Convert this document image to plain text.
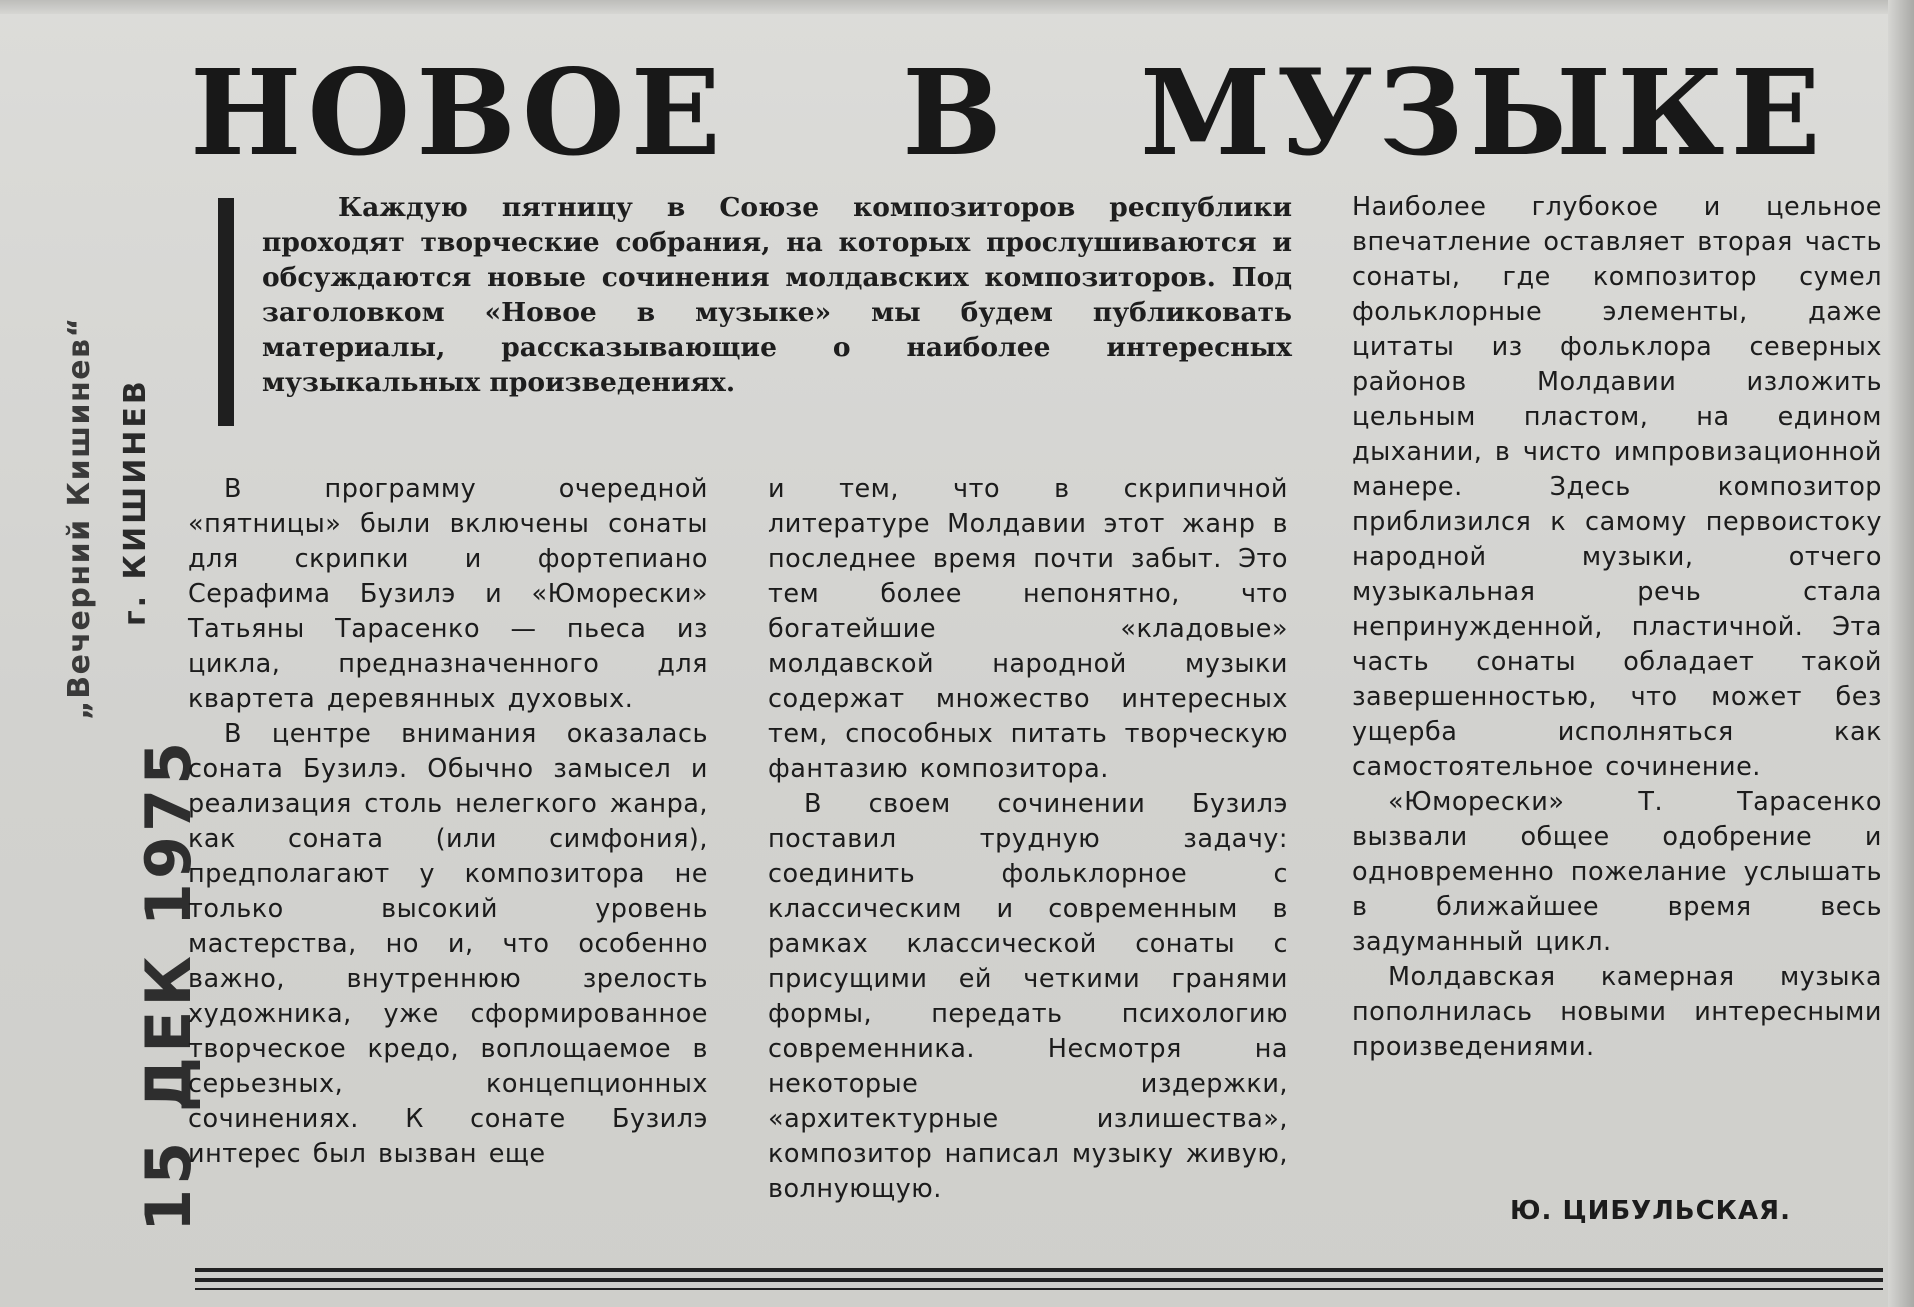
НОВОЕ	В МУЗЫКЕ

Каждую пятницу в Союзе композиторов республики проходят творческие собрания, на которых прослушиваются и обсуждаются новые сочинения молдавских композиторов. Под заголовком «Новое в музыке» мы будем публиковать материалы, рассказывающие о наиболее интересных музыкальных произведениях.

В программу очередной «пятницы» были включены сонаты для скрипки и фортепиано Серафима Бузилэ и «Юморески» Татьяны Тарасенко — пьеса из цикла, предназначенного для квартета деревянных духовых.

В центре внимания оказалась соната Бузилэ. Обычно замысел и реализация столь нелегкого жанра, как соната (или симфония), предполагают у композитора не только высокий уровень мастерства, но и, что особенно важно, внутреннюю зрелость художника, уже сформированное творческое кредо, воплощаемое в серьезных, концепционных сочинениях. К сонате Бузилэ интерес был вызван еще

и тем, что в скрипичной литературе Молдавии этот жанр в последнее время почти забыт. Это тем более непонятно, что богатейшие «кладовые» молдавской народной музыки содержат множество интересных тем, способных питать творческую фантазию композитора.

В своем сочинении Бузилэ поставил трудную задачу: соединить фольклорное с классическим и современным в рамках классической сонаты с присущими ей четкими гранями формы, передать психологию современника. Несмотря на некоторые издержки, «архитектурные излишества», композитор написал музыку живую, волнующую.

Наиболее глубокое и цельное впечатление оставляет вторая часть сонаты, где композитор сумел фольклорные элементы, даже цитаты из фольклора северных районов Молдавии изложить цельным пластом, на едином дыхании, в чисто импровизационной манере. Здесь композитор приблизился к самому первоистоку народной музыки, отчего музыкальная речь стала непринужденной, пластичной. Эта часть сонаты обладает такой завершенностью, что может без ущерба исполняться как самостоятельное сочинение.

«Юморески» Т. Тарасенко вызвали общее одобрение и одновременно пожелание услышать в ближайшее время весь задуманный цикл.

Молдавская камерная музыка пополнилась новыми интересными произведениями.

Ю. ЦИБУЛЬСКАЯ.

„Вечерний Кишинев“ г. КИШИНЕВ

15 ДЕК 1975
